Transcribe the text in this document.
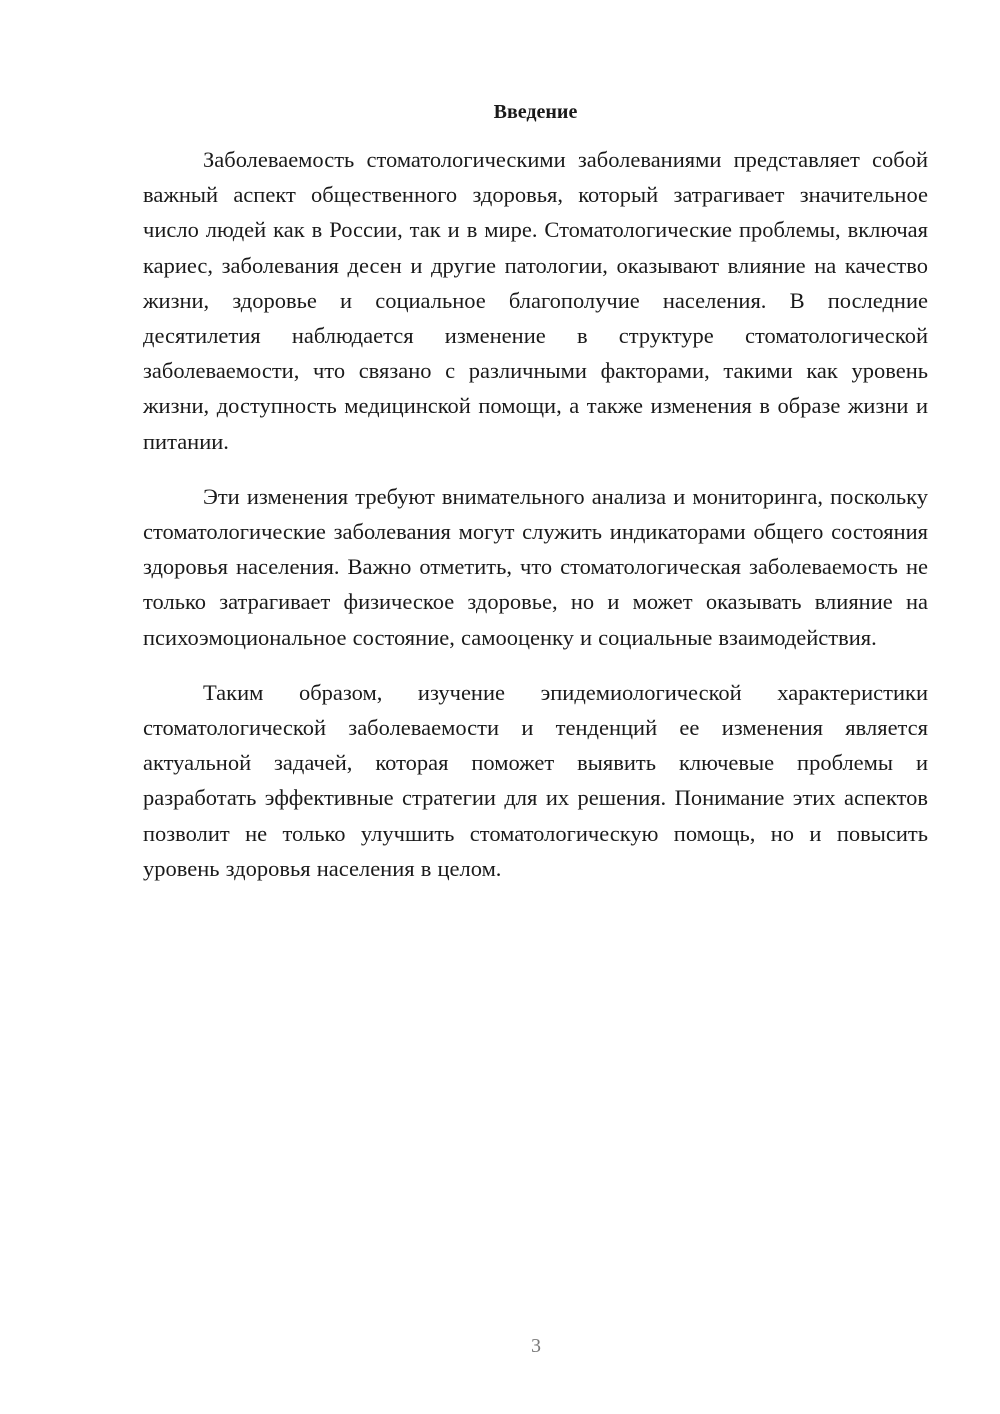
Введение

Заболеваемость стоматологическими заболеваниями представляет собой важный аспект общественного здоровья, который затрагивает значительное число людей как в России, так и в мире. Стоматологические проблемы, включая кариес, заболевания десен и другие патологии, оказывают влияние на качество жизни, здоровье и социальное благополучие населения. В последние десятилетия наблюдается изменение в структуре стоматологической заболеваемости, что связано с различными факторами, такими как уровень жизни, доступность медицинской помощи, а также изменения в образе жизни и питании.

Эти изменения требуют внимательного анализа и мониторинга, поскольку стоматологические заболевания могут служить индикаторами общего состояния здоровья населения. Важно отметить, что стоматологическая заболеваемость не только затрагивает физическое здоровье, но и может оказывать влияние на психоэмоциональное состояние, самооценку и социальные взаимодействия.

Таким образом, изучение эпидемиологической характеристики стоматологической заболеваемости и тенденций ее изменения является актуальной задачей, которая поможет выявить ключевые проблемы и разработать эффективные стратегии для их решения. Понимание этих аспектов позволит не только улучшить стоматологическую помощь, но и повысить уровень здоровья населения в целом.

3
